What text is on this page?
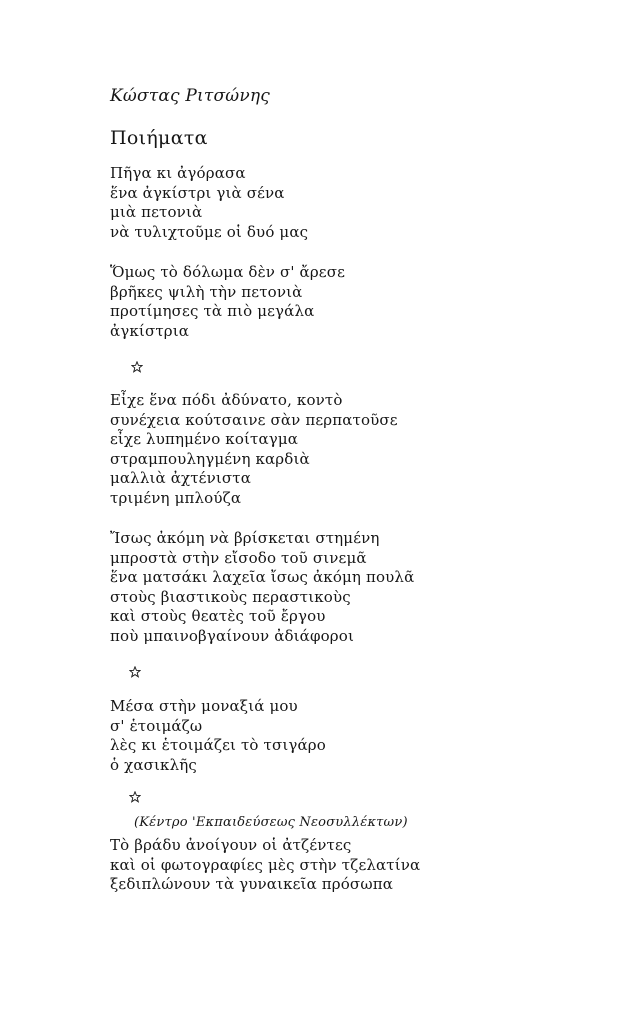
Κώστας Ριτσώνης
Ποιήματα
Πῆγα κι ἀγόρασα
ἕνα ἀγκίστρι γιὰ σένα
μιὰ πετονιὰ
νὰ τυλιχτοῦμε οἱ δυό μας
Ὅμως τὸ δόλωμα δὲν σ' ἄρεσε
βρῆκες ψιλὴ τὴν πετονιὰ
προτίμησες τὰ πιὸ μεγάλα
ἀγκίστρια
Εἶχε ἕνα πόδι ἀδύνατο, κοντὸ
συνέχεια κούτσαινε σὰν περπατοῦσε
εἶχε λυπημένο κοίταγμα
στραμπουληγμένη καρδιὰ
μαλλιὰ ἀχτένιστα
τριμένη μπλούζα
Ἴσως ἀκόμη νὰ βρίσκεται στημένη
μπροστὰ στὴν εἴσοδο τοῦ σινεμᾶ
ἕνα ματσάκι λαχεῖα ἴσως ἀκόμη πουλᾶ
στοὺς βιαστικοὺς περαστικοὺς
καὶ στοὺς θεατὲς τοῦ ἔργου
ποὺ μπαινοβγαίνουν ἀδιάφοροι
Μέσα στὴν μοναξιά μου
σ' ἑτοιμάζω
λὲς κι ἑτοιμάζει τὸ τσιγάρο
ὁ χασικλῆς
(Κέντρο 'Εκπαιδεύσεως Νεοσυλλέκτων)
Τὸ βράδυ ἀνοίγουν οἱ ἀτζέντες
καὶ οἱ φωτογραφίες μὲς στὴν τζελατίνα
ξεδιπλώνουν τὰ γυναικεῖα πρόσωπα
